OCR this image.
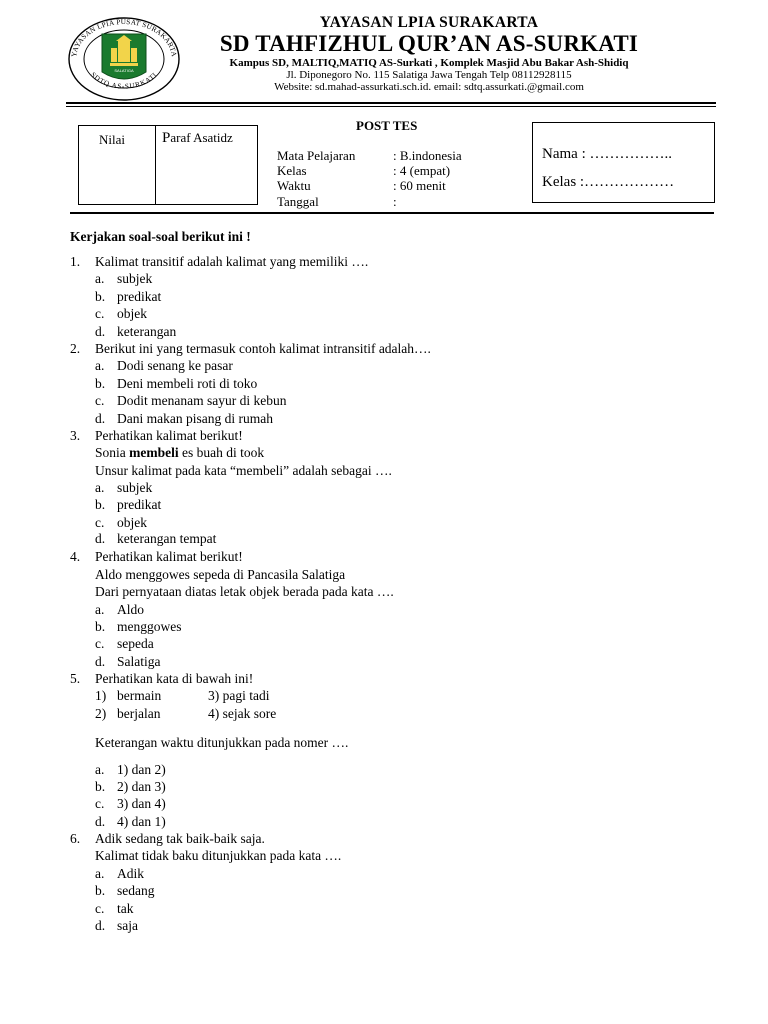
YAYASAN LPIA PUSAT SURAKARTA
SDTQ AS-SURKATI
SALATIGA
YAYASAN LPIA SURAKARTA
SD TAHFIZHUL QUR’AN AS-SURKATI
Kampus SD, MALTIQ,MATIQ AS-Surkati , Komplek Masjid Abu Bakar Ash-Shidiq
Jl. Diponegoro No. 115 Salatiga Jawa Tengah Telp 08112928115
Website: sd.mahad-assurkati.sch.id. email: sdtq.assurkati.@gmail.com
Nilai Paraf Asatidz
POST TES
Mata Pelajaran	: B.indonesia
Kelas	: 4 (empat)
Waktu	: 60 menit
Tanggal	:
Nama : ……………..
Kelas :………………
Kerjakan soal-soal berikut ini !
1. Kalimat transitif adalah kalimat yang memiliki ….
a. subjek
b. predikat
c. objek
d. keterangan
2. Berikut ini yang termasuk contoh kalimat intransitif adalah….
a. Dodi senang ke pasar
b. Deni membeli roti di toko
c. Dodit menanam sayur di kebun
d. Dani makan pisang di rumah
3. Perhatikan kalimat berikut!
Sonia membeli es buah di took
Unsur kalimat pada kata “membeli” adalah sebagai ….
a. subjek
b. predikat
c. objek
d. keterangan tempat
4. Perhatikan kalimat berikut!
Aldo menggowes sepeda di Pancasila Salatiga
Dari pernyataan diatas letak objek berada pada kata ….
a. Aldo
b. menggowes
c. sepeda
d. Salatiga
5. Perhatikan kata di bawah ini!
1) bermain	3) pagi tadi
2) berjalan	4) sejak sore
Keterangan waktu ditunjukkan pada nomer ….
a. 1) dan 2)
b. 2) dan 3)
c. 3) dan 4)
d. 4) dan 1)
6. Adik sedang tak baik-baik saja.
Kalimat tidak baku ditunjukkan pada kata ….
a. Adik
b. sedang
c. tak
d. saja
